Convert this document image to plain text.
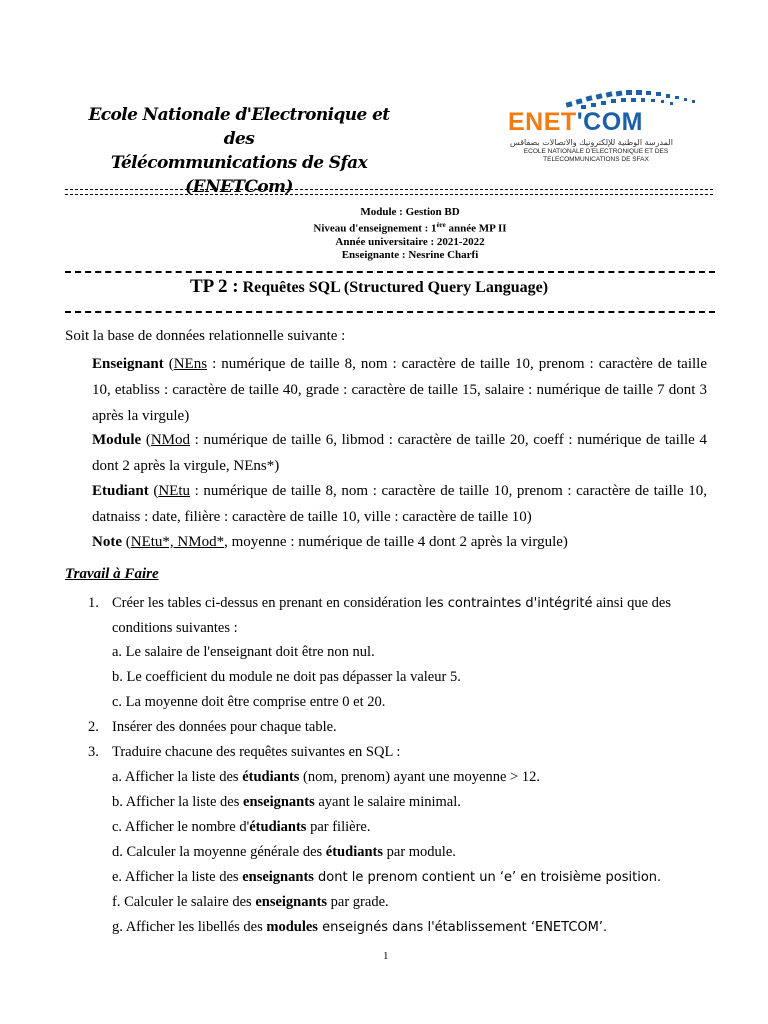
Ecole Nationale d'Electronique et des
Télécommunications de Sfax
(ENETCom)
ENET'COM
المدرسة الوطنية للإلكترونيك والاتصالات بصفاقس
ECOLE NATIONALE D'ELECTRONIQUE ET DES TELECOMMUNICATIONS DE SFAX
Module : Gestion BD
Niveau d'enseignement : 1ère année MP II
Année universitaire : 2021-2022
Enseignante : Nesrine Charfi
TP 2 : Requêtes SQL (Structured Query Language)
Soit la base de données relationnelle suivante :
Enseignant (NEns : numérique de taille 8, nom : caractère de taille 10, prenom : caractère de taille 10, etabliss : caractère de taille 40, grade : caractère de taille 15, salaire : numérique de taille 7 dont 3 après la virgule)
Module (NMod : numérique de taille 6, libmod : caractère de taille 20, coeff : numérique de taille 4 dont 2 après la virgule, NEns*)
Etudiant (NEtu : numérique de taille 8, nom : caractère de taille 10, prenom : caractère de taille 10, datnaiss : date, filière : caractère de taille 10, ville : caractère de taille 10)
Note (NEtu*, NMod*, moyenne : numérique de taille 4 dont 2 après la virgule)
Travail à Faire
1. Créer les tables ci-dessus en prenant en considération les contraintes d'intégrité ainsi que des
conditions suivantes :
a. Le salaire de l'enseignant doit être non nul.
b. Le coefficient du module ne doit pas dépasser la valeur 5.
c. La moyenne doit être comprise entre 0 et 20.
2. Insérer des données pour chaque table.
3. Traduire chacune des requêtes suivantes en SQL :
a. Afficher la liste des étudiants (nom, prenom) ayant une moyenne > 12.
b. Afficher la liste des enseignants ayant le salaire minimal.
c. Afficher le nombre d'étudiants par filière.
d. Calculer la moyenne générale des étudiants par module.
e. Afficher la liste des enseignants dont le prenom contient un ‘e’ en troisième position.
f. Calculer le salaire des enseignants par grade.
g. Afficher les libellés des modules enseignés dans l'établissement ‘ENETCOM’.
1
